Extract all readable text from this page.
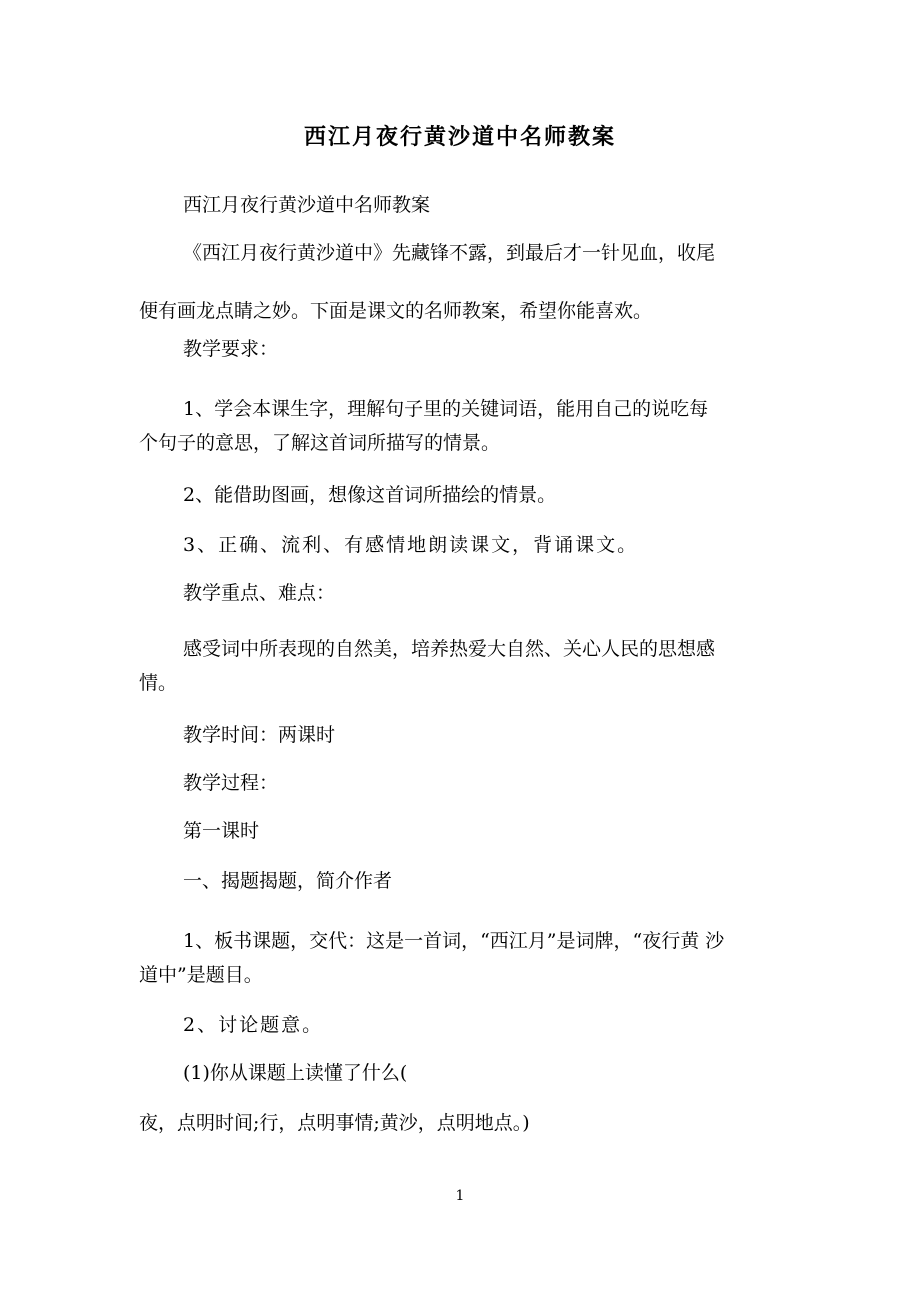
西江月夜行黄沙道中名师教案
西江月夜行黄沙道中名师教案
《西江月夜行黄沙道中》先藏锋不露，到最后才一针见血，收尾
便有画龙点睛之妙。下面是课文的名师教案，希望你能喜欢。
教学要求：
1、学会本课生字，理解句子里的关键词语，能用自己的说吃每
个句子的意思，了解这首词所描写的情景。
2、能借助图画，想像这首词所描绘的情景。
3、正确、流利、有感情地朗读课文，背诵课文。
教学重点、难点：
感受词中所表现的自然美，培养热爱大自然、关心人民的思想感
情。
教学时间：两课时
教学过程：
第一课时
一、揭题揭题，简介作者
1、板书课题，交代：这是一首词，“西江月”是词牌，“夜行黄 沙
道中”是题目。
2、讨论题意。
(1)你从课题上读懂了什么(
夜，点明时间;行，点明事情;黄沙，点明地点。)
1
